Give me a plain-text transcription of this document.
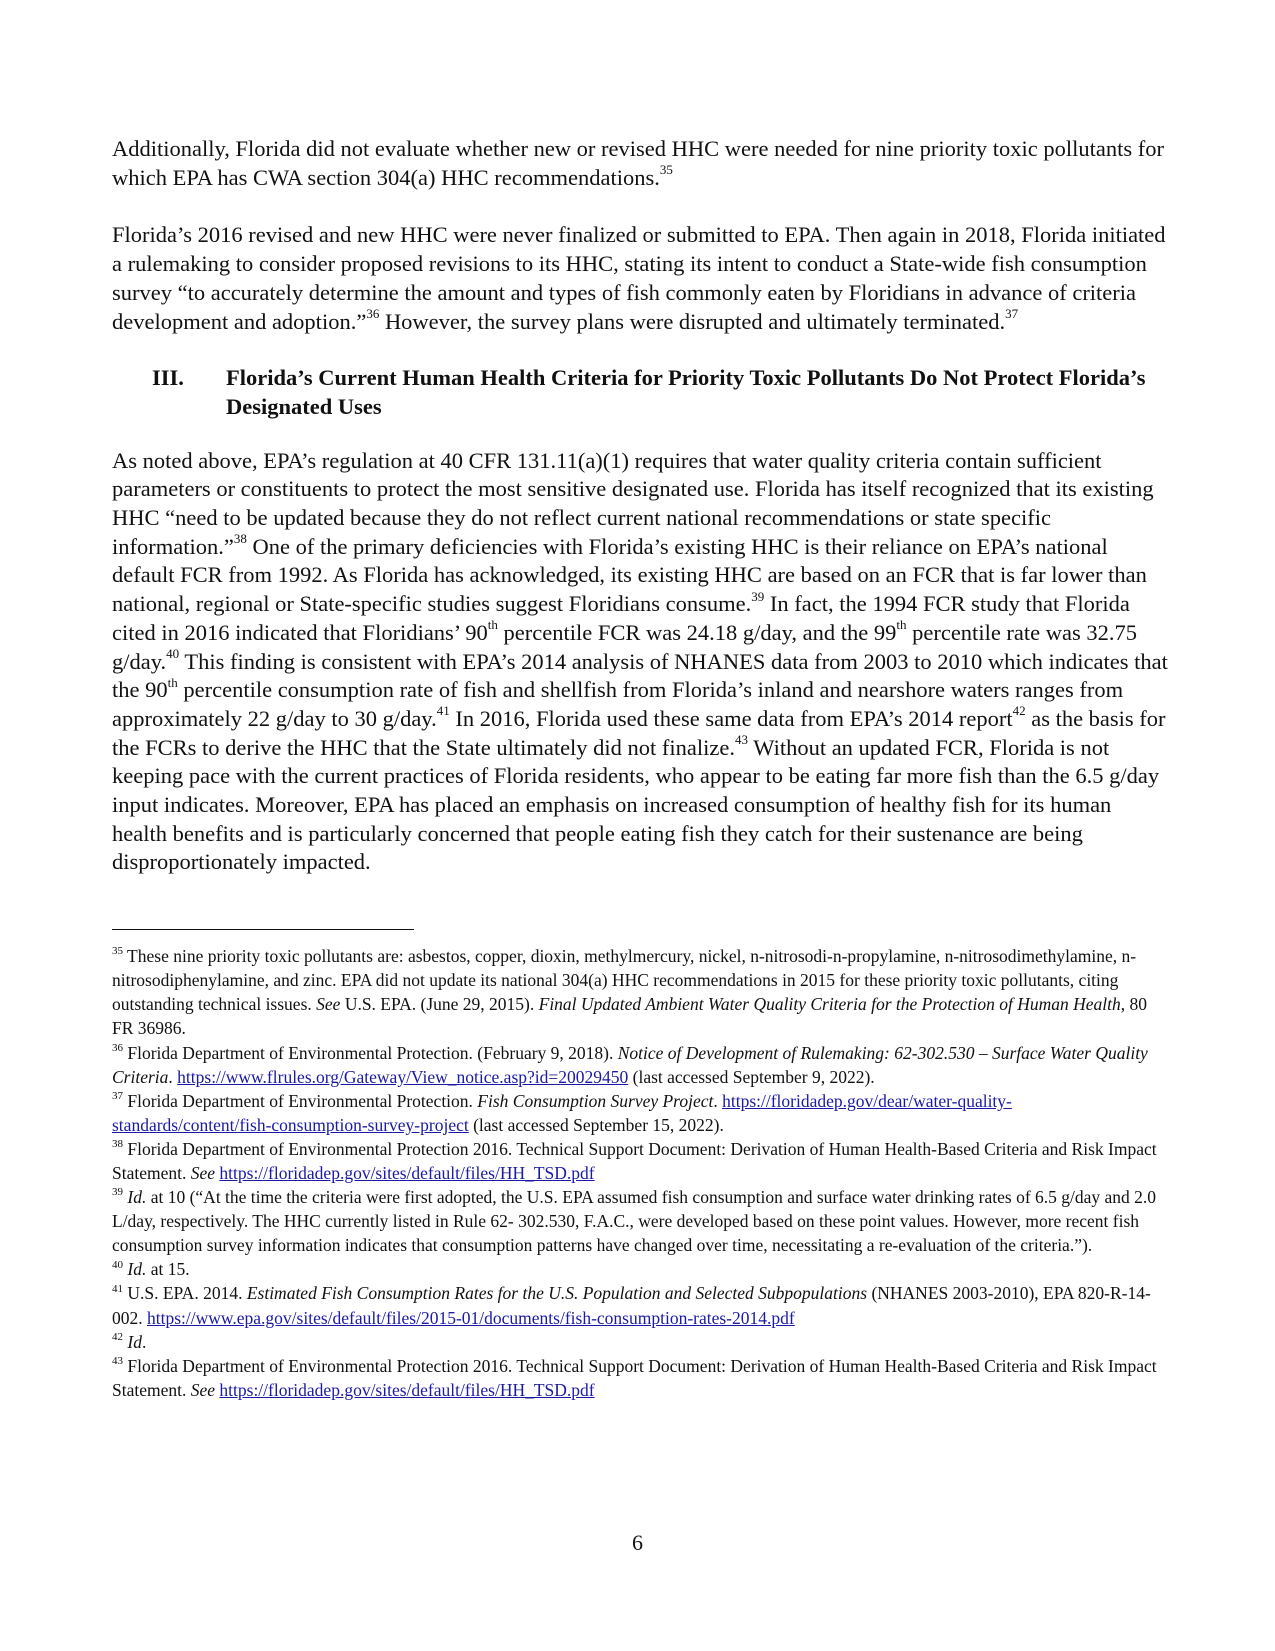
Additionally, Florida did not evaluate whether new or revised HHC were needed for nine priority toxic pollutants for which EPA has CWA section 304(a) HHC recommendations.$^{35}$

Florida’s 2016 revised and new HHC were never finalized or submitted to EPA. Then again in 2018, Florida initiated a rulemaking to consider proposed revisions to its HHC, stating its intent to conduct a State-wide fish consumption survey “to accurately determine the amount and types of fish commonly eaten by Floridians in advance of criteria development and adoption.”$^{36}$ However, the survey plans were disrupted and ultimately terminated.$^{37}$

III.	Florida’s Current Human Health Criteria for Priority Toxic Pollutants Do Not Protect Florida’s Designated Uses

As noted above, EPA’s regulation at 40 CFR 131.11(a)(1) requires that water quality criteria contain sufficient parameters or constituents to protect the most sensitive designated use. Florida has itself recognized that its existing HHC “need to be updated because they do not reflect current national recommendations or state specific information.”$^{38}$ One of the primary deficiencies with Florida’s existing HHC is their reliance on EPA’s national default FCR from 1992. As Florida has acknowledged, its existing HHC are based on an FCR that is far lower than national, regional or State-specific studies suggest Floridians consume.$^{39}$ In fact, the 1994 FCR study that Florida cited in 2016 indicated that Floridians’ 90th percentile FCR was 24.18 g/day, and the 99th percentile rate was 32.75 g/day.$^{40}$ This finding is consistent with EPA’s 2014 analysis of NHANES data from 2003 to 2010 which indicates that the 90th percentile consumption rate of fish and shellfish from Florida’s inland and nearshore waters ranges from approximately 22 g/day to 30 g/day.$^{41}$ In 2016, Florida used these same data from EPA’s 2014 report$^{42}$ as the basis for the FCRs to derive the HHC that the State ultimately did not finalize.$^{43}$ Without an updated FCR, Florida is not keeping pace with the current practices of Florida residents, who appear to be eating far more fish than the 6.5 g/day input indicates. Moreover, EPA has placed an emphasis on increased consumption of healthy fish for its human health benefits and is particularly concerned that people eating fish they catch for their sustenance are being disproportionately impacted.

$^{35}$ These nine priority toxic pollutants are: asbestos, copper, dioxin, methylmercury, nickel, n-nitrosodi-n-propylamine, n-nitrosodimethylamine, n-nitrosodiphenylamine, and zinc. EPA did not update its national 304(a) HHC recommendations in 2015 for these priority toxic pollutants, citing outstanding technical issues. See U.S. EPA. (June 29, 2015). Final Updated Ambient Water Quality Criteria for the Protection of Human Health, 80 FR 36986.

$^{36}$ Florida Department of Environmental Protection. (February 9, 2018). Notice of Development of Rulemaking: 62-302.530 – Surface Water Quality Criteria. https://www.flrules.org/Gateway/View_notice.asp?id=20029450 (last accessed September 9, 2022).

$^{37}$ Florida Department of Environmental Protection. Fish Consumption Survey Project. https://floridadep.gov/dear/water-quality-standards/content/fish-consumption-survey-project (last accessed September 15, 2022).

$^{38}$ Florida Department of Environmental Protection 2016. Technical Support Document: Derivation of Human Health-Based Criteria and Risk Impact Statement. See https://floridadep.gov/sites/default/files/HH_TSD.pdf

$^{39}$ Id. at 10 (“At the time the criteria were first adopted, the U.S. EPA assumed fish consumption and surface water drinking rates of 6.5 g/day and 2.0 L/day, respectively. The HHC currently listed in Rule 62- 302.530, F.A.C., were developed based on these point values. However, more recent fish consumption survey information indicates that consumption patterns have changed over time, necessitating a re-evaluation of the criteria.”).

$^{40}$ Id. at 15.

$^{41}$ U.S. EPA. 2014. Estimated Fish Consumption Rates for the U.S. Population and Selected Subpopulations (NHANES 2003-2010), EPA 820-R-14-002. https://www.epa.gov/sites/default/files/2015-01/documents/fish-consumption-rates-2014.pdf

$^{42}$ Id.

$^{43}$ Florida Department of Environmental Protection 2016. Technical Support Document: Derivation of Human Health-Based Criteria and Risk Impact Statement. See https://floridadep.gov/sites/default/files/HH_TSD.pdf

6
